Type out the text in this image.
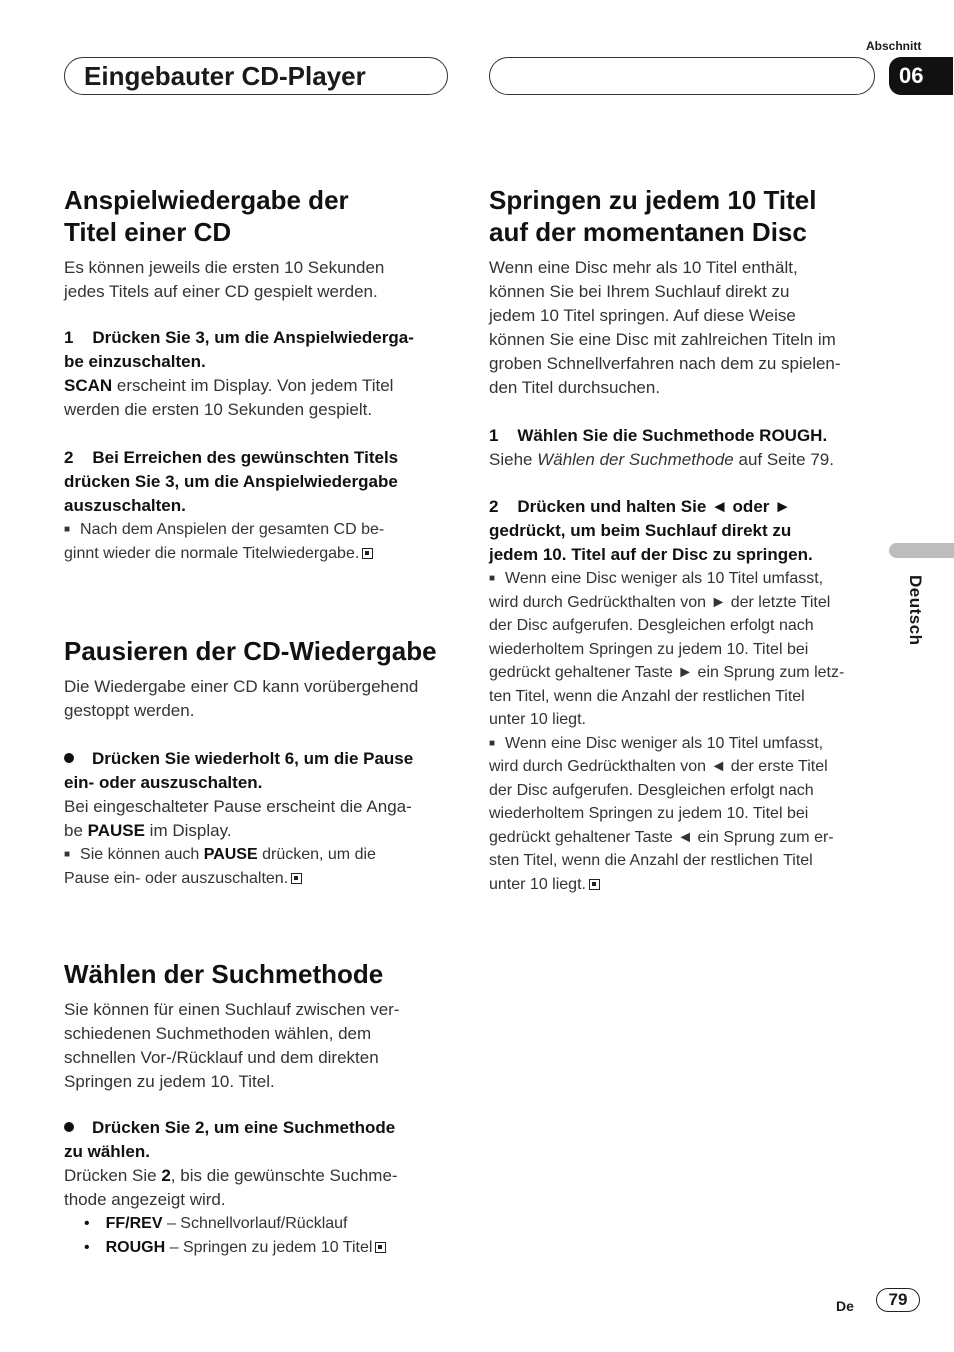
Abschnitt
Eingebauter CD-Player	06
Deutsch
Anspielwiedergabe der
Titel einer CD

Es können jeweils die ersten 10 Sekunden
jedes Titels auf einer CD gespielt werden.

1    Drücken Sie 3, um die Anspielwiederga-
be einzuschalten.

SCAN erscheint im Display. Von jedem Titel
werden die ersten 10 Sekunden gespielt.

2    Bei Erreichen des gewünschten Titels
drücken Sie 3, um die Anspielwiedergabe
auszuschalten.

■ Nach dem Anspielen der gesamten CD be-
ginnt wieder die normale Titelwiedergabe.

Pausieren der CD-Wiedergabe

Die Wiedergabe einer CD kann vorübergehend
gestoppt werden.

Drücken Sie wiederholt 6, um die Pause
ein- oder auszuschalten.

Bei eingeschalteter Pause erscheint die Anga-
be PAUSE im Display.

■ Sie können auch PAUSE drücken, um die
Pause ein- oder auszuschalten.

Wählen der Suchmethode

Sie können für einen Suchlauf zwischen ver-
schiedenen Suchmethoden wählen, dem
schnellen Vor-/Rücklauf und dem direkten
Springen zu jedem 10. Titel.

Drücken Sie 2, um eine Suchmethode
zu wählen.

Drücken Sie 2, bis die gewünschte Suchme-
thode angezeigt wird.

• FF/REV – Schnellvorlauf/Rücklauf
• ROUGH – Springen zu jedem 10 Titel
Springen zu jedem 10 Titel
auf der momentanen Disc

Wenn eine Disc mehr als 10 Titel enthält,
können Sie bei Ihrem Suchlauf direkt zu
jedem 10 Titel springen. Auf diese Weise
können Sie eine Disc mit zahlreichen Titeln im
groben Schnellverfahren nach dem zu spielen-
den Titel durchsuchen.

1    Wählen Sie die Suchmethode ROUGH.

Siehe Wählen der Suchmethode auf Seite 79.

2    Drücken und halten Sie ◄ oder ►
gedrückt, um beim Suchlauf direkt zu
jedem 10. Titel auf der Disc zu springen.

■ Wenn eine Disc weniger als 10 Titel umfasst,
wird durch Gedrückthalten von ► der letzte Titel
der Disc aufgerufen. Desgleichen erfolgt nach
wiederholtem Springen zu jedem 10. Titel bei
gedrückt gehaltener Taste ► ein Sprung zum letz-
ten Titel, wenn die Anzahl der restlichen Titel
unter 10 liegt.

■ Wenn eine Disc weniger als 10 Titel umfasst,
wird durch Gedrückthalten von ◄ der erste Titel
der Disc aufgerufen. Desgleichen erfolgt nach
wiederholtem Springen zu jedem 10. Titel bei
gedrückt gehaltener Taste ◄ ein Sprung zum er-
sten Titel, wenn die Anzahl der restlichen Titel
unter 10 liegt.

De	79
